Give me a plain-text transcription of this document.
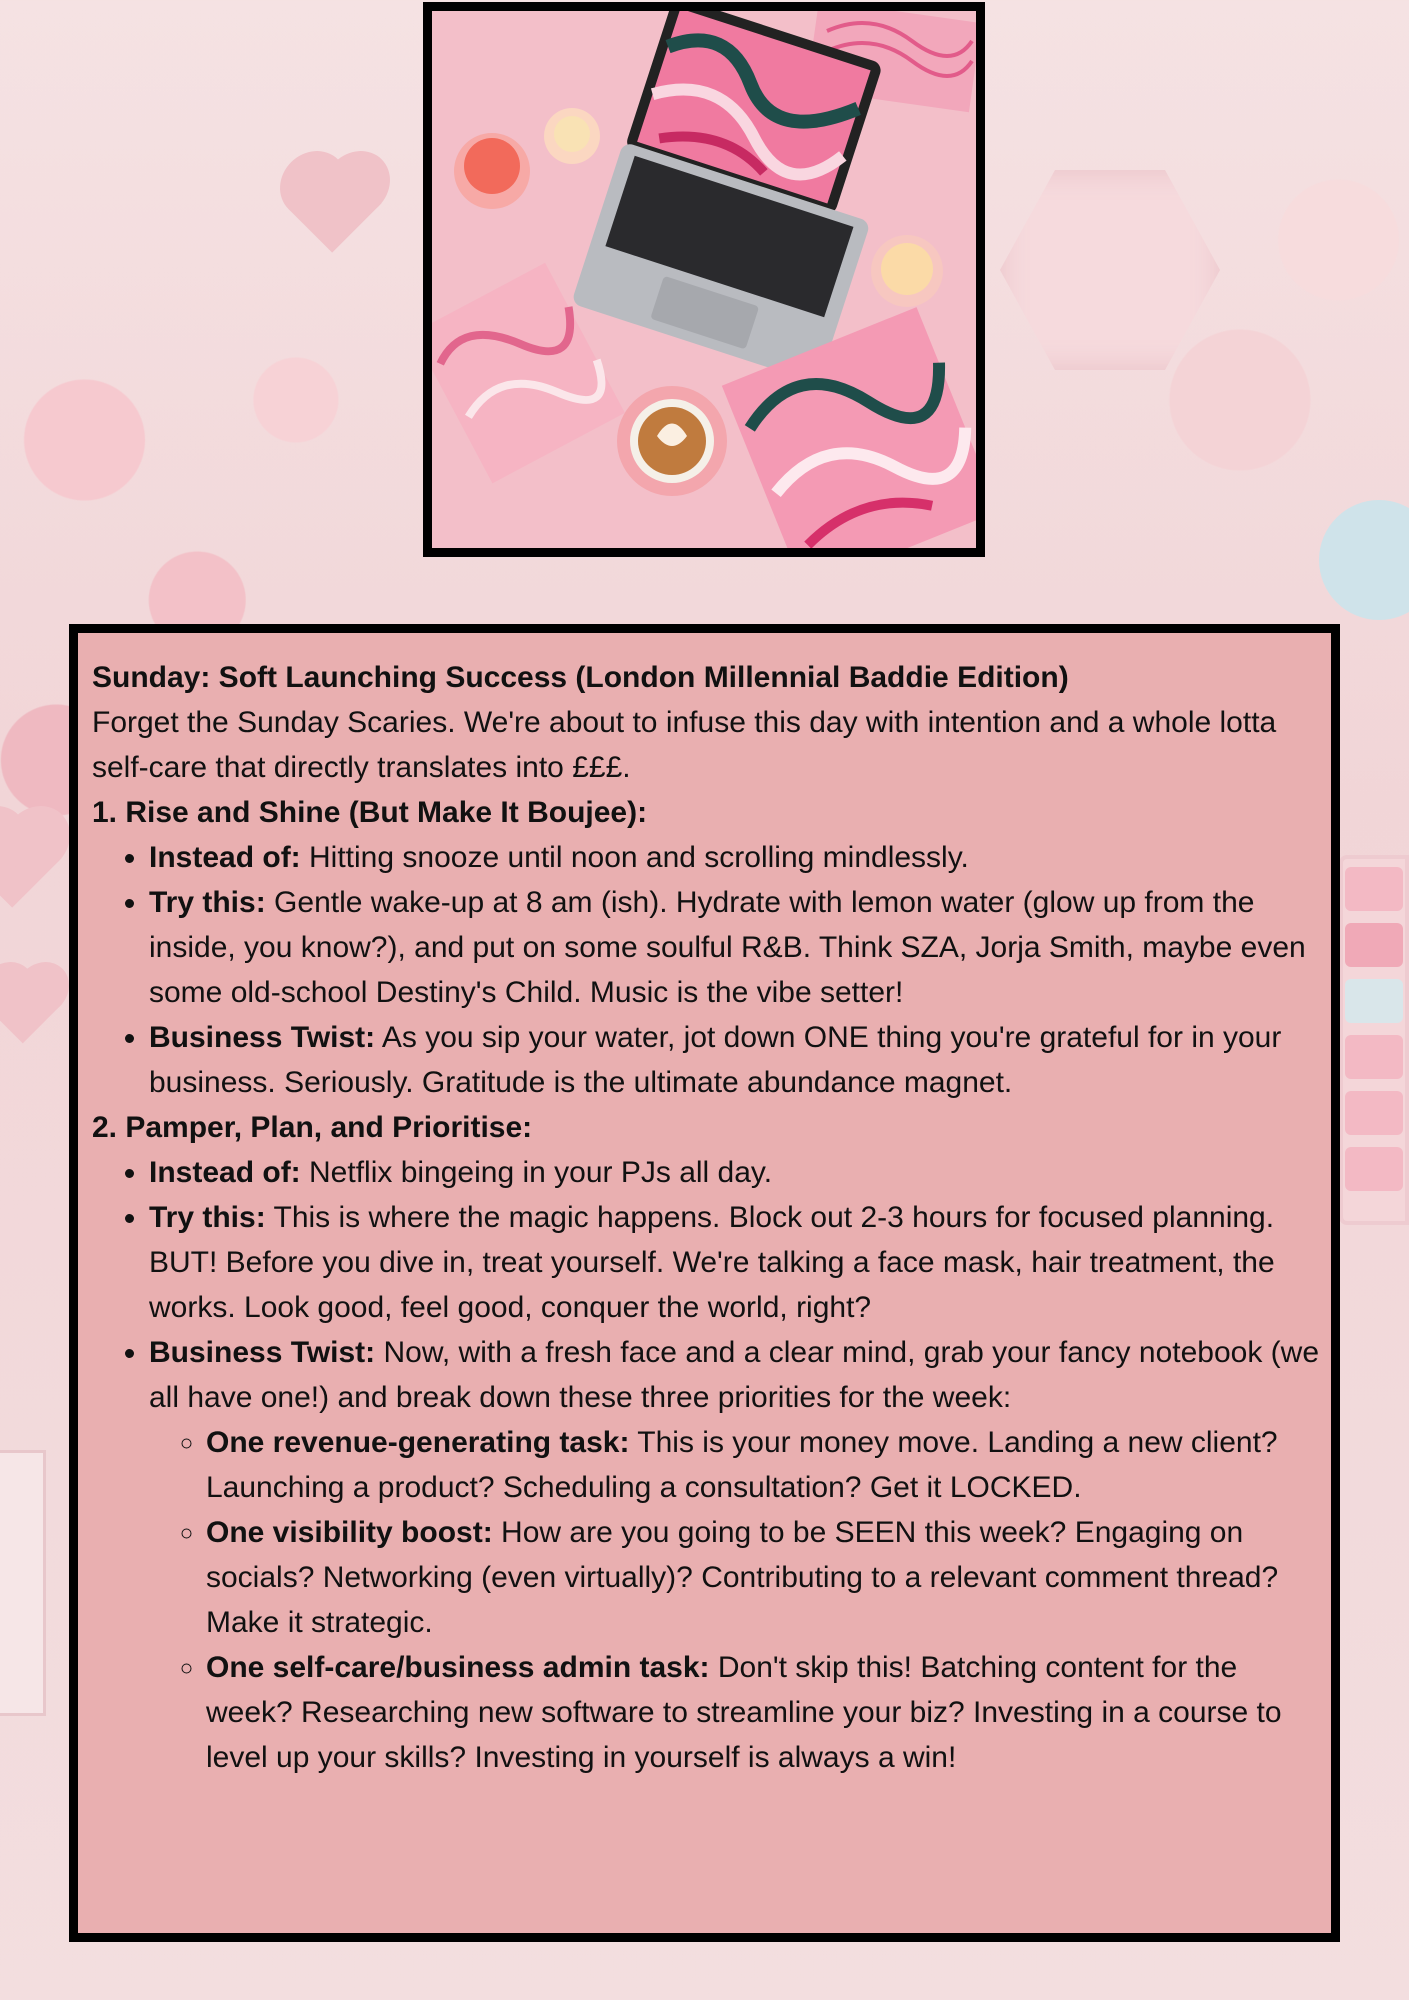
Sunday: Soft Launching Success (London Millennial Baddie Edition)

Forget the Sunday Scaries. We're about to infuse this day with intention and a whole lotta self-care that directly translates into £££.

1. Rise and Shine (But Make It Boujee):

• Instead of: Hitting snooze until noon and scrolling mindlessly.
• Try this: Gentle wake-up at 8 am (ish). Hydrate with lemon water (glow up from the inside, you know?), and put on some soulful R&B. Think SZA, Jorja Smith, maybe even some old-school Destiny's Child. Music is the vibe setter!
• Business Twist: As you sip your water, jot down ONE thing you're grateful for in your business. Seriously. Gratitude is the ultimate abundance magnet.

2. Pamper, Plan, and Prioritise:

• Instead of: Netflix bingeing in your PJs all day.
• Try this: This is where the magic happens. Block out 2-3 hours for focused planning. BUT! Before you dive in, treat yourself. We're talking a face mask, hair treatment, the works. Look good, feel good, conquer the world, right?
• Business Twist: Now, with a fresh face and a clear mind, grab your fancy notebook (we all have one!) and break down these three priorities for the week:
◦ One revenue-generating task: This is your money move. Landing a new client? Launching a product? Scheduling a consultation? Get it LOCKED.
◦ One visibility boost: How are you going to be SEEN this week? Engaging on socials? Networking (even virtually)? Contributing to a relevant comment thread? Make it strategic.
◦ One self-care/business admin task: Don't skip this! Batching content for the week? Researching new software to streamline your biz? Investing in a course to level up your skills? Investing in yourself is always a win!
